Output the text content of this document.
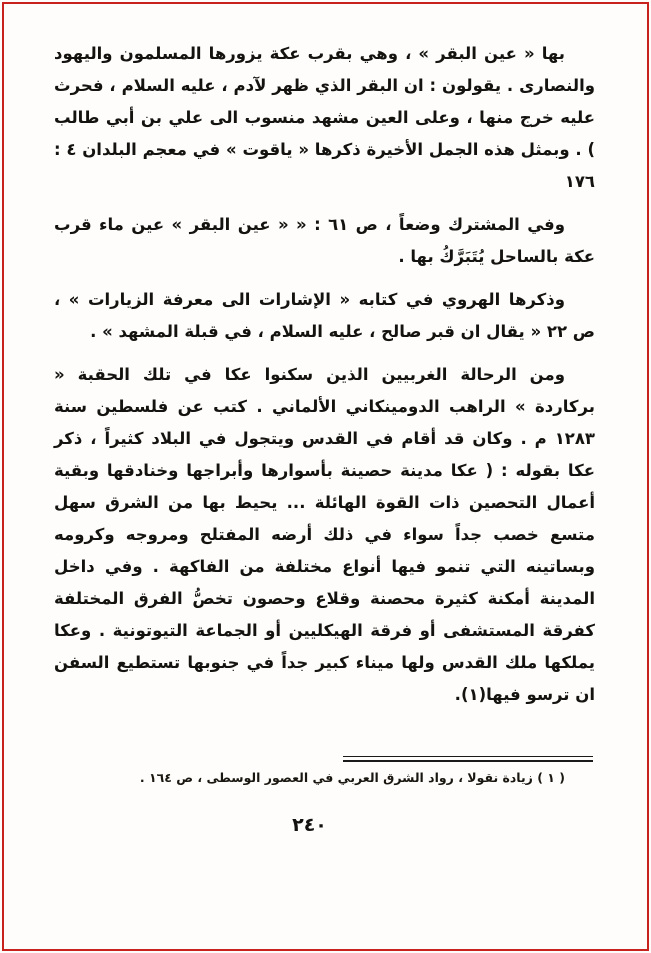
بها « عين البقر » ، وهي بقرب عكة يزورها المسلمون واليهود والنصارى . يقولون : ان البقر الذي ظهر لآدم ، عليه السلام ، فحرث عليه خرج منها ، وعلى العين مشهد منسوب الى علي بن أبي طالب ) . وبمثل هذه الجمل الأخيرة ذكرها « ياقوت » في معجم البلدان ٤ : ١٧٦

وفي المشترك وضعاً ، ص ٦١ : « « عين البقر » عين ماء قرب عكة بالساحل يُتَبَرَّكُ بها .

وذكرها الهروي في كتابه « الإشارات الى معرفة الزيارات » ، ص ٢٢ « يقال ان قبر صالح ، عليه السلام ، في قبلة المشهد » .

ومن الرحالة الغربيين الذين سكنوا عكا في تلك الحقبة « بركاردة » الراهب الدومينكاني الألماني . كتب عن فلسطين سنة ١٢٨٣ م . وكان قد أقام في القدس ويتجول في البلاد كثيراً ، ذكر عكا بقوله : ( عكا مدينة حصينة بأسوارها وأبراجها وخنادقها وبقية أعمال التحصين ذات القوة الهائلة ... يحيط بها من الشرق سهل متسع خصب جداً سواء في ذلك أرضه المفتلح ومروجه وكرومه وبساتينه التي تنمو فيها أنواع مختلفة من الفاكهة . وفي داخل المدينة أمكنة كثيرة محصنة وقلاع وحصون تخصُّ الفرق المختلفة كفرقة المستشفى أو فرقة الهيكليين أو الجماعة التيوتونية . وعكا يملكها ملك القدس ولها ميناء كبير جداً في جنوبها تستطيع السفن ان ترسو فيها(١).

( ١ ) زيادة نقولا ، رواد الشرق العربي في العصور الوسطى ، ص ١٦٤ .

٢٤٠
